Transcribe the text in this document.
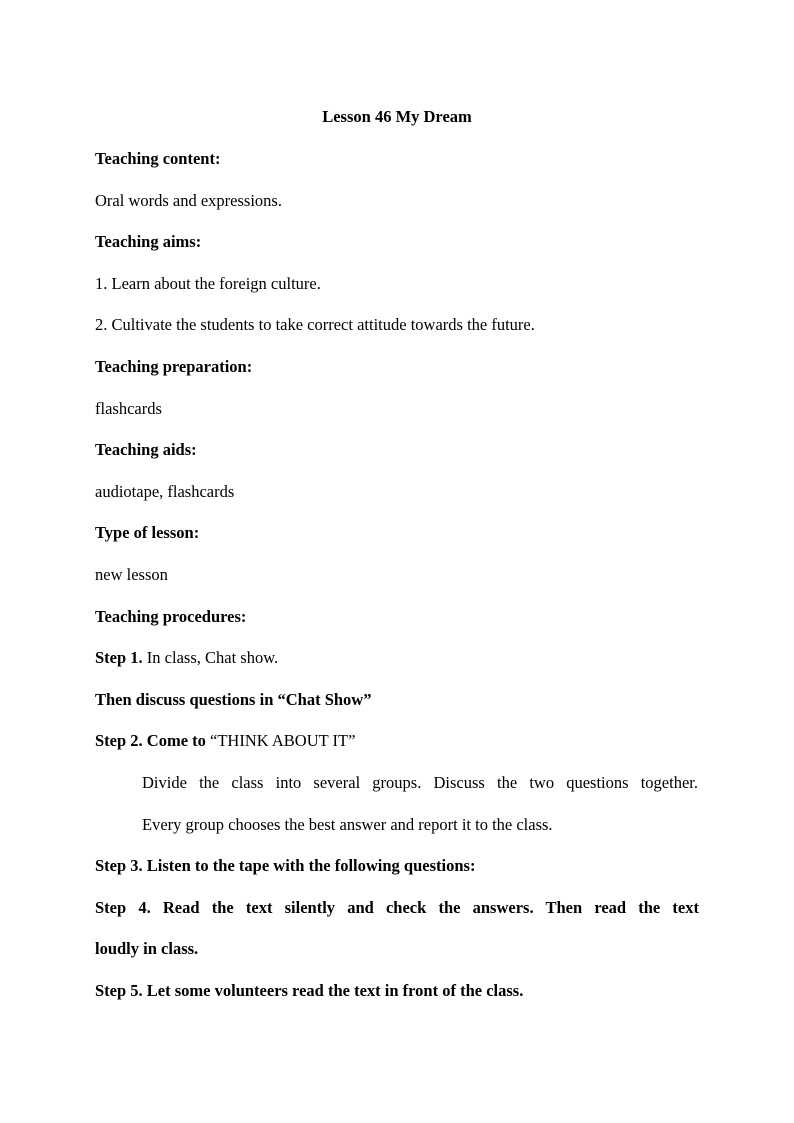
Lesson 46 My Dream
Teaching content:
Oral words and expressions.
Teaching aims:
1. Learn about the foreign culture.
2. Cultivate the students to take correct attitude towards the future.
Teaching preparation:
flashcards
Teaching aids:
audiotape, flashcards
Type of lesson:
new lesson
Teaching procedures:
Step 1. In class, Chat show.
Then discuss questions in “Chat Show”
Step 2. Come to “THINK ABOUT IT”
Divide the class into several groups. Discuss the two questions together.
Every group chooses the best answer and report it to the class.
Step 3. Listen to the tape with the following questions:
Step 4. Read the text silently and check the answers. Then read the text
loudly in class.
Step 5. Let some volunteers read the text in front of the class.
